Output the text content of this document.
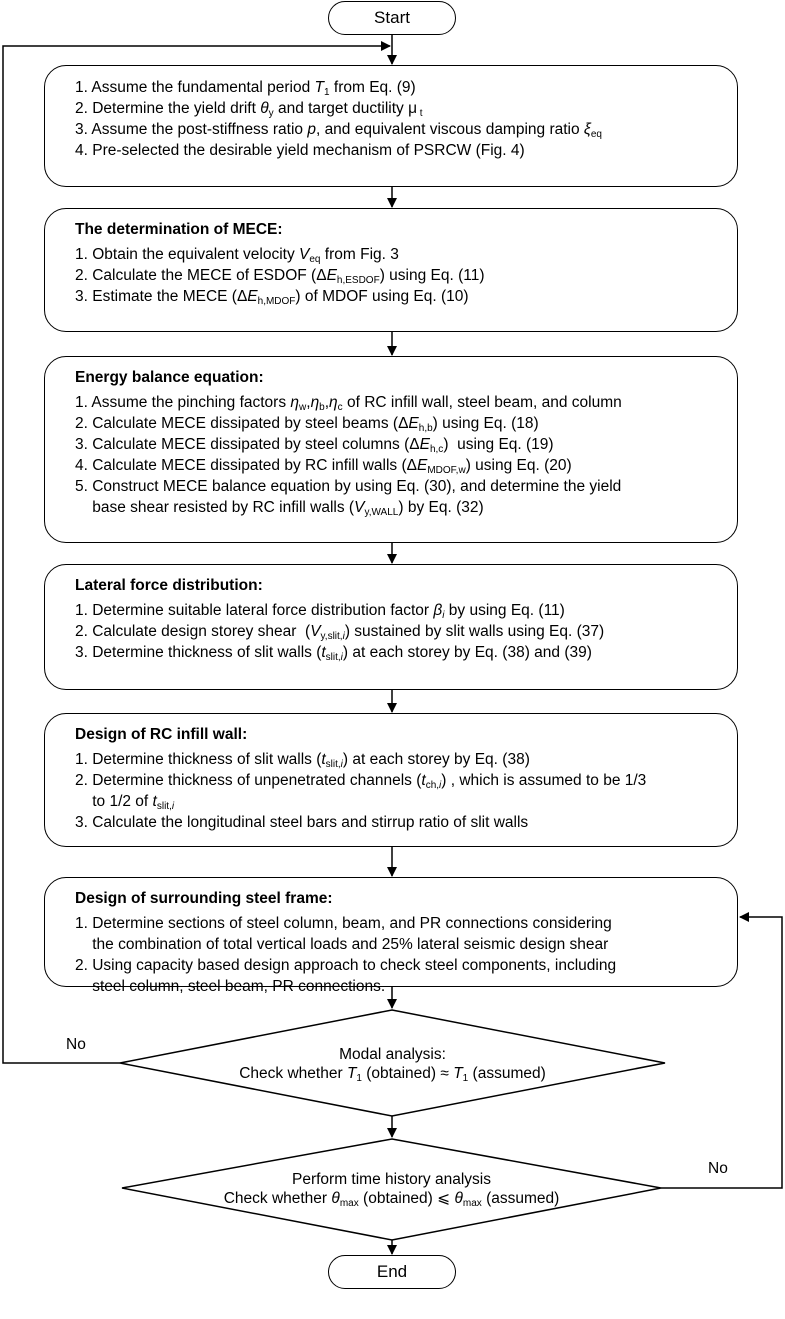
Start
1. Assume the fundamental period $T_1$ from Eq. (9)
2. Determine the yield drift $\theta_y$ and target ductility μ $_t$
3. Assume the post-stiffness ratio p, and equivalent viscous damping ratio $\xi_{eq}$
4. Pre-selected the desirable yield mechanism of PSRCW (Fig. 4)
The determination of MECE:
1. Obtain the equivalent velocity $V_{eq}$ from Fig. 3
2. Calculate the MECE of ESDOF $(\Delta E_{h,ESDOF})$ using Eq. (11)
3. Estimate the MECE $(\Delta E_{h,MDOF})$ of MDOF using Eq. (10)
Energy balance equation:
1. Assume the pinching factors $\eta_w,\eta_b,\eta_c$ of RC infill wall, steel beam, and column
2. Calculate MECE dissipated by steel beams $(\Delta E_{h,b})$ using Eq. (18)
3. Calculate MECE dissipated by steel columns $(\Delta E_{h,c})$  using Eq. (19)
4. Calculate MECE dissipated by RC infill walls $(\Delta E_{MDOF,w})$ using Eq. (20)
5. Construct MECE balance equation by using Eq. (30), and determine the yield
base shear resisted by RC infill walls $(V_{y,WALL})$ by Eq. (32)
Lateral force distribution:
1. Determine suitable lateral force distribution factor $\beta_i$ by using Eq. (11)
2. Calculate design storey shear  $(V_{y,slit,i})$ sustained by slit walls using Eq. (37)
3. Determine thickness of slit walls $(t_{slit,i})$ at each storey by Eq. (38) and (39)
Design of RC infill wall:
1. Determine thickness of slit walls $(t_{slit,i})$ at each storey by Eq. (38)
2. Determine thickness of unpenetrated channels $(t_{ch,i})$ , which is assumed to be 1/3
to 1/2 of $t_{slit,i}$
3. Calculate the longitudinal steel bars and stirrup ratio of slit walls
Design of surrounding steel frame:
1. Determine sections of steel column, beam, and PR connections considering
the combination of total vertical loads and 25% lateral seismic design shear
2. Using capacity based design approach to check steel components, including
steel column, steel beam, PR connections.
Modal analysis:
Check whether $T_1$ (obtained) ≈ $T_1$ (assumed)
Perform time history analysis
Check whether $\theta_{max}$ (obtained) ⩽ $\theta_{max}$ (assumed)
No
No
End
